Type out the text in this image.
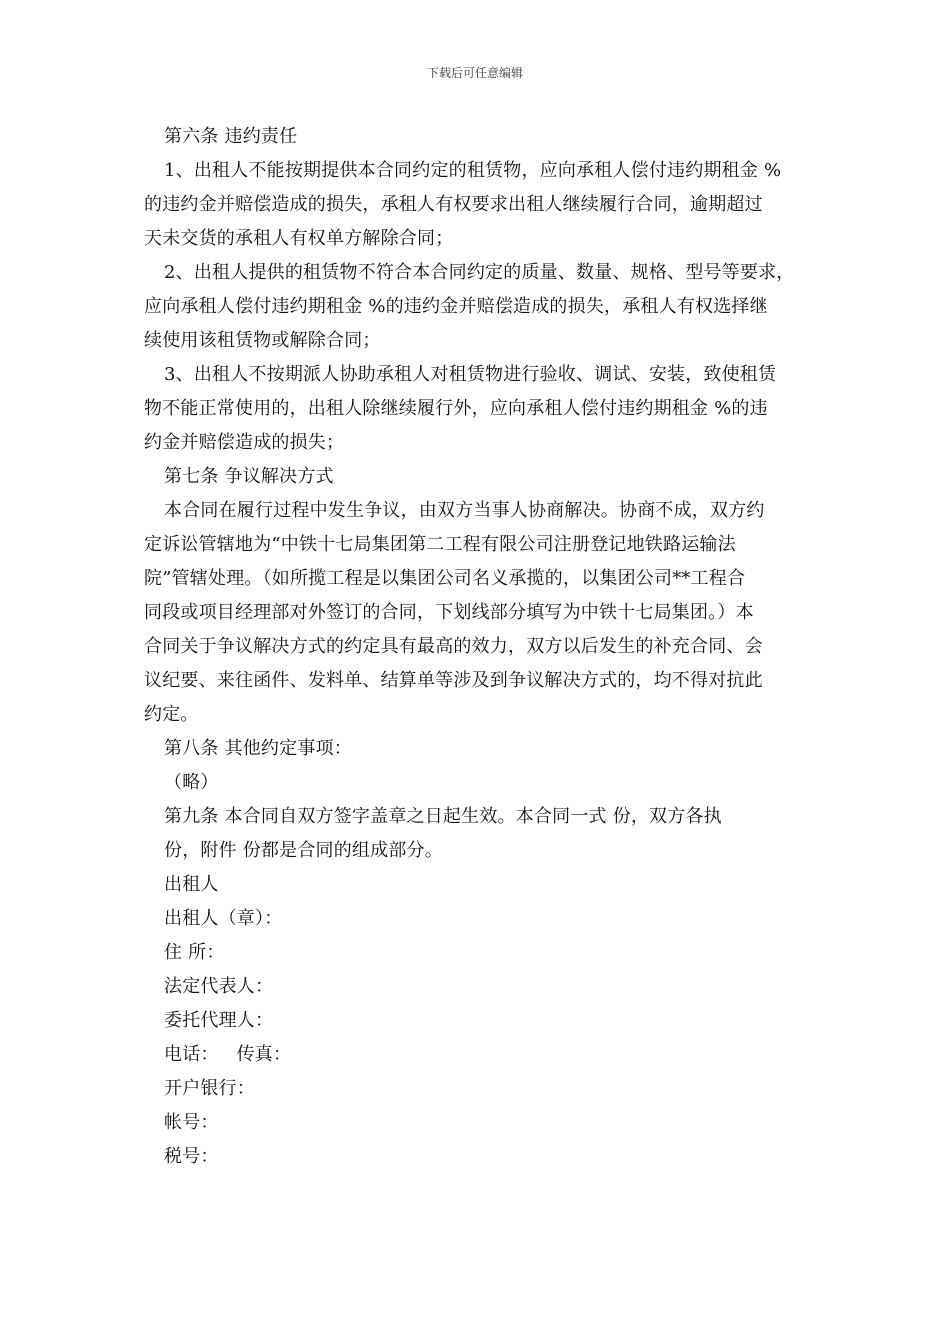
下载后可任意编辑
第六条 违约责任
1、出租人不能按期提供本合同约定的租赁物，应向承租人偿付违约期租金 %
的违约金并赔偿造成的损失，承租人有权要求出租人继续履行合同，逾期超过
天未交货的承租人有权单方解除合同；
2、出租人提供的租赁物不符合本合同约定的质量、数量、规格、型号等要求，
应向承租人偿付违约期租金 %的违约金并赔偿造成的损失，承租人有权选择继
续使用该租赁物或解除合同；
3、出租人不按期派人协助承租人对租赁物进行验收、调试、安装，致使租赁
物不能正常使用的，出租人除继续履行外，应向承租人偿付违约期租金 %的违
约金并赔偿造成的损失；
第七条 争议解决方式
本合同在履行过程中发生争议，由双方当事人协商解决。协商不成，双方约
定诉讼管辖地为“中铁十七局集团第二工程有限公司注册登记地铁路运输法
院”管辖处理。（如所揽工程是以集团公司名义承揽的，以集团公司**工程合
同段或项目经理部对外签订的合同，下划线部分填写为中铁十七局集团。）本
合同关于争议解决方式的约定具有最高的效力，双方以后发生的补充合同、会
议纪要、来往函件、发料单、结算单等涉及到争议解决方式的，均不得对抗此
约定。
第八条 其他约定事项：
（略）
第九条 本合同自双方签字盖章之日起生效。本合同一式 份，双方各执
份，附件 份都是合同的组成部分。
出租人
出租人（章）：
住 所：
法定代表人：
委托代理人：
电话： 传真：
开户银行：
帐号：
税号：
